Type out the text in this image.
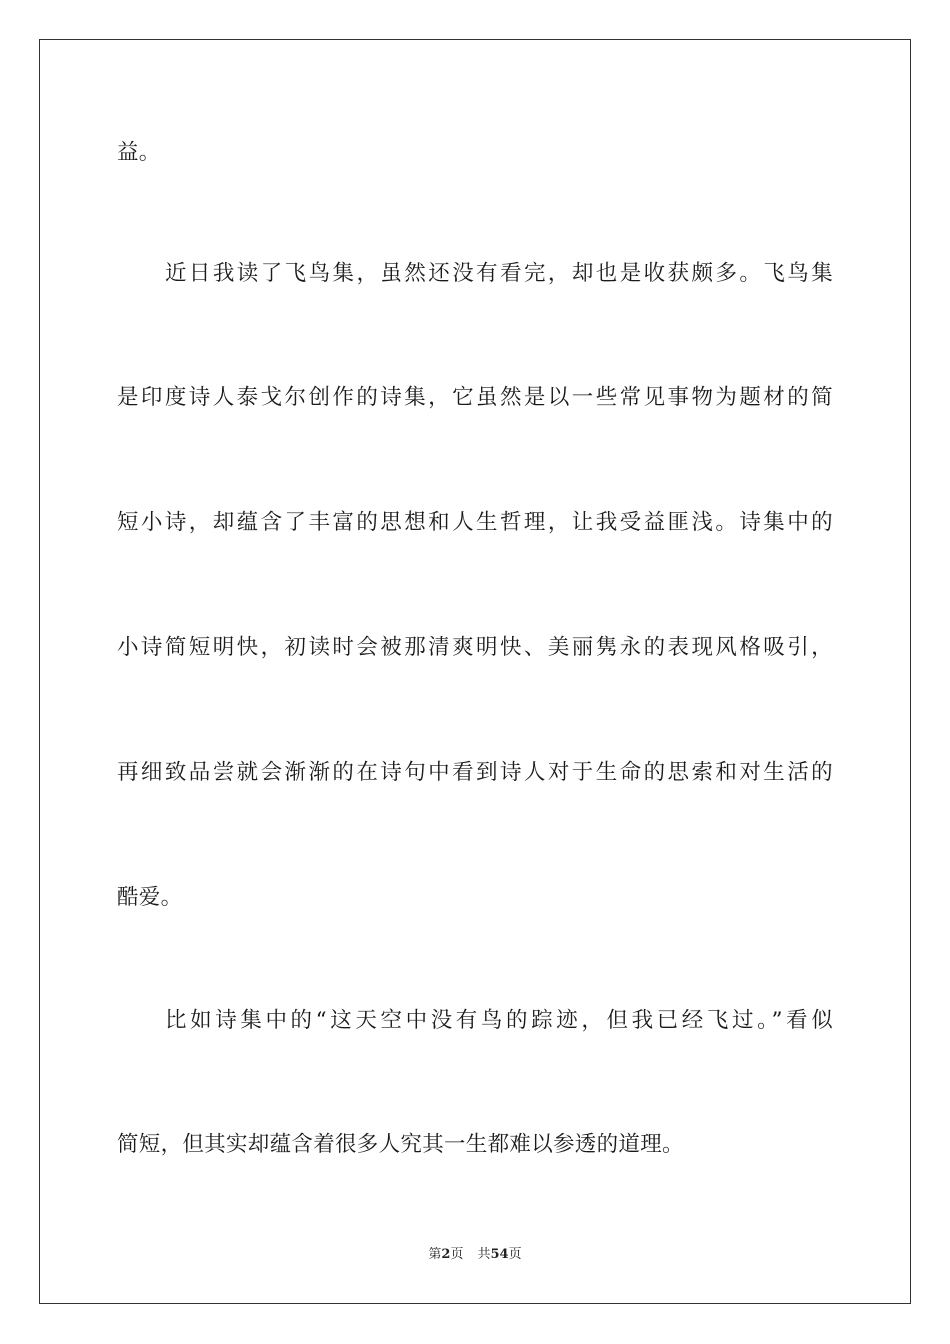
益。
近日我读了飞鸟集，虽然还没有看完，却也是收获颇多。飞鸟集
是印度诗人泰戈尔创作的诗集，它虽然是以一些常见事物为题材的简
短小诗，却蕴含了丰富的思想和人生哲理，让我受益匪浅。诗集中的
小诗简短明快，初读时会被那清爽明快、美丽隽永的表现风格吸引，
再细致品尝就会渐渐的在诗句中看到诗人对于生命的思索和对生活的
酷爱。
比如诗集中的“这天空中没有鸟的踪迹，但我已经飞过。”看似
简短，但其实却蕴含着很多人究其一生都难以参透的道理。
第2页 共54页
